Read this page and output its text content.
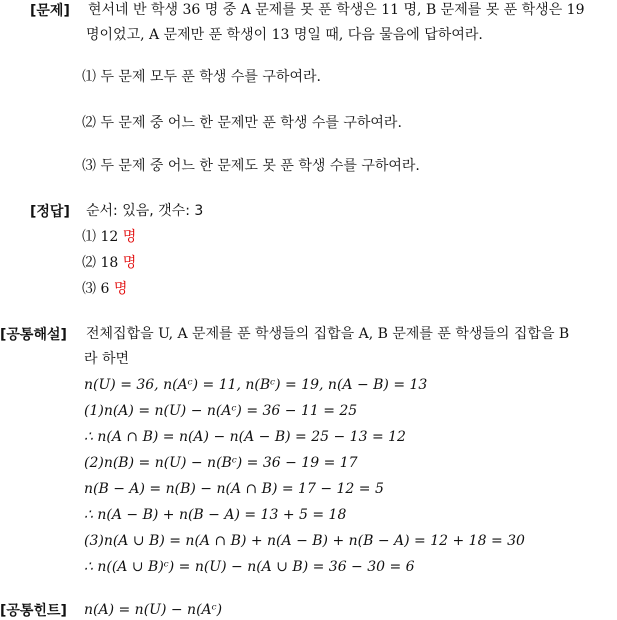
[문제] 현서네 반 학생 36 명 중 A 문제를 못 푼 학생은 11 명, B 문제를 못 푼 학생은 19
명이었고, A 문제만 푼 학생이 13 명일 때, 다음 물음에 답하여라.
⑴ 두 문제 모두 푼 학생 수를 구하여라.
⑵ 두 문제 중 어느 한 문제만 푼 학생 수를 구하여라.
⑶ 두 문제 중 어느 한 문제도 못 푼 학생 수를 구하여라.
[정답] 순서: 있음, 갯수: 3
⑴ 12 명
⑵ 18 명
⑶ 6 명
[공통해설] 전체집합을 U, A 문제를 푼 학생들의 집합을 A, B 문제를 푼 학생들의 집합을 B
라 하면
n(U) = 36, n(Aᶜ) = 11, n(Bᶜ) = 19, n(A − B) = 13
(1)n(A) = n(U) − n(Aᶜ) = 36 − 11 = 25
∴ n(A ∩ B) = n(A) − n(A − B) = 25 − 13 = 12
(2)n(B) = n(U) − n(Bᶜ) = 36 − 19 = 17
n(B − A) = n(B) − n(A ∩ B) = 17 − 12 = 5
∴ n(A − B) + n(B − A) = 13 + 5 = 18
(3)n(A ∪ B) = n(A ∩ B) + n(A − B) + n(B − A) = 12 + 18 = 30
∴ n((A ∪ B)ᶜ) = n(U) − n(A ∪ B) = 36 − 30 = 6
[공통힌트] n(A) = n(U) − n(Aᶜ)
